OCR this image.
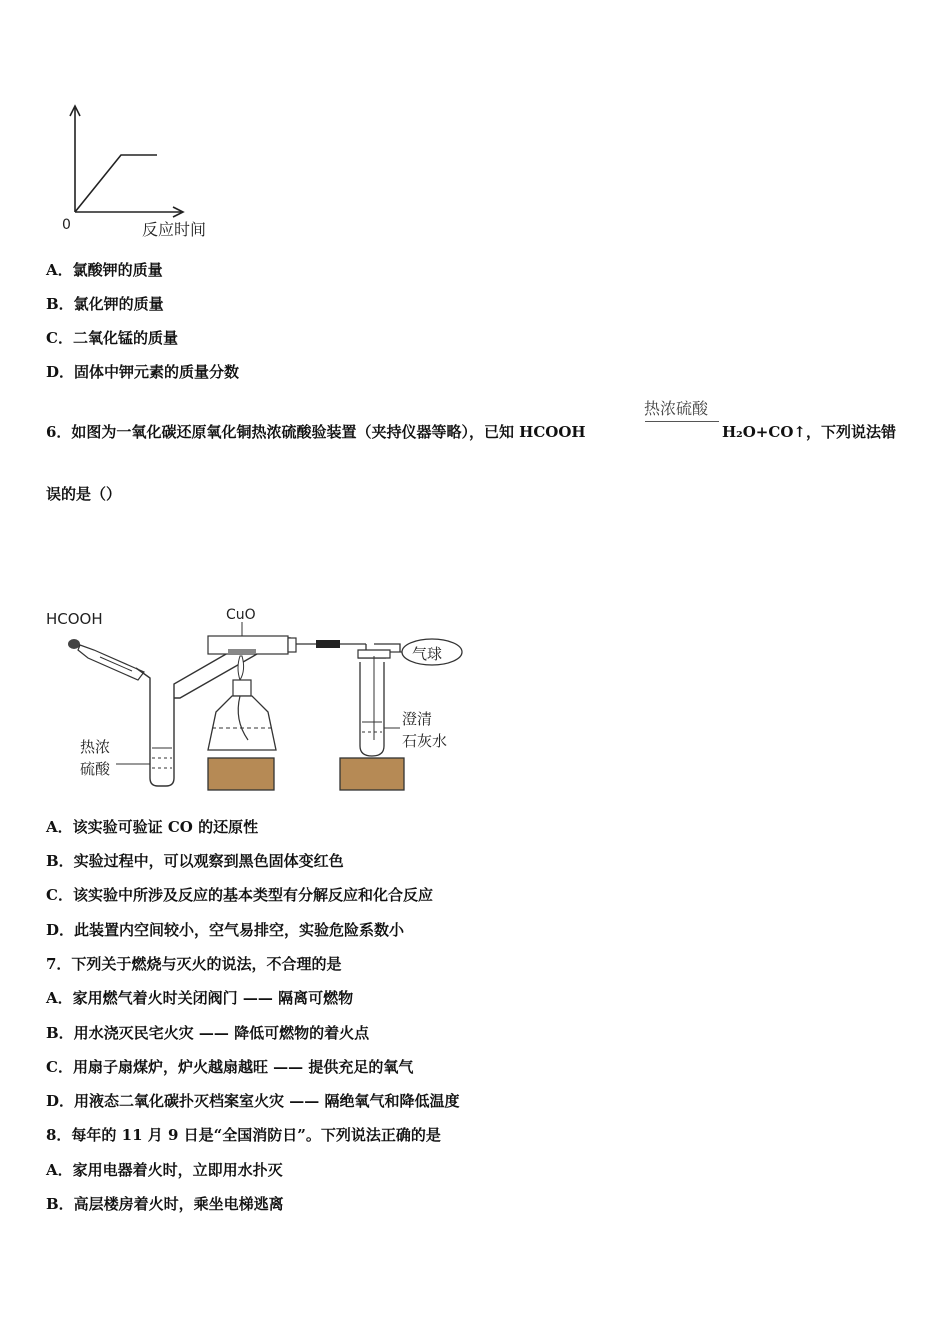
0	反应时间
A．氯酸钾的质量
B．氯化钾的质量
C．二氧化锰的质量
D．固体中钾元素的质量分数
6．如图为一氧化碳还原氧化铜热浓硫酸验装置（夹持仪器等略），已知 HCOOH
热浓硫酸
H₂O+CO↑，下列说法错
误的是（）
HCOOH	CuO
热浓
硫酸
气球
澄清
石灰水
A．该实验可验证 CO 的还原性
B．实验过程中，可以观察到黑色固体变红色
C．该实验中所涉及反应的基本类型有分解反应和化合反应
D．此装置内空间较小，空气易排空，实验危险系数小
7．下列关于燃烧与灭火的说法，不合理的是
A．家用燃气着火时关闭阀门 —— 隔离可燃物
B．用水浇灭民宅火灾 —— 降低可燃物的着火点
C．用扇子扇煤炉，炉火越扇越旺 —— 提供充足的氧气
D．用液态二氧化碳扑灭档案室火灾 —— 隔绝氧气和降低温度
8．每年的 11 月 9 日是“全国消防日”。下列说法正确的是
A．家用电器着火时，立即用水扑灭
B．高层楼房着火时，乘坐电梯逃离
